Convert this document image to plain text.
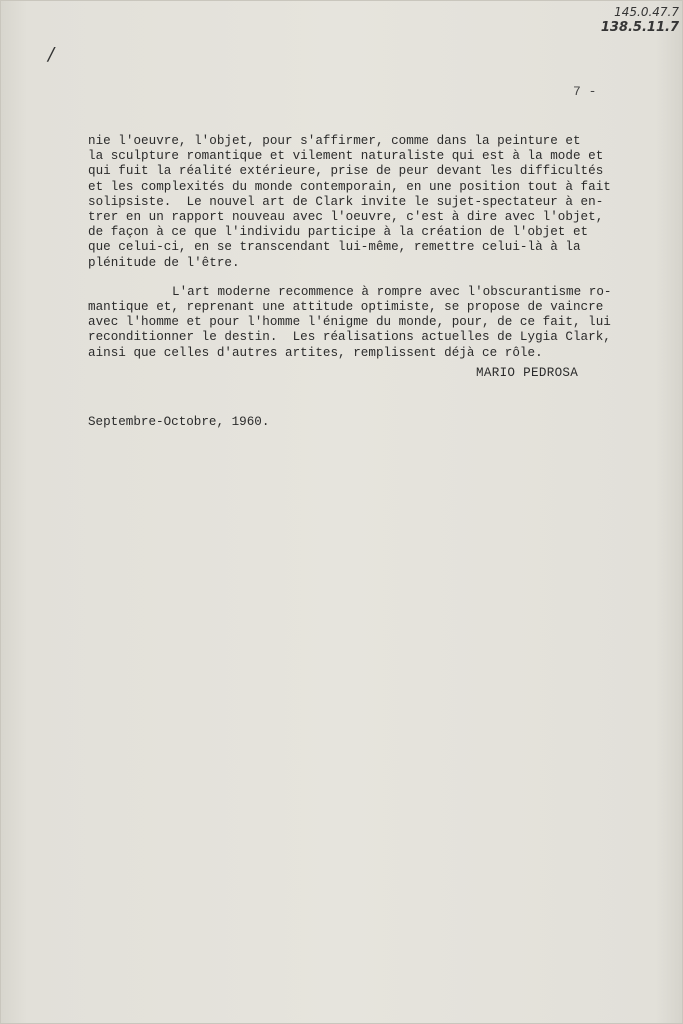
145.0.47.7
138.5.11.7
/
7 -
nie l'oeuvre, l'objet, pour s'affirmer, comme dans la peinture et
la sculpture romantique et vilement naturaliste qui est à la mode et
qui fuit la réalité extérieure, prise de peur devant les difficultés
et les complexités du monde contemporain, en une position tout à fait
solipsiste.  Le nouvel art de Clark invite le sujet-spectateur à en-
trer en un rapport nouveau avec l'oeuvre, c'est à dire avec l'objet,
de façon à ce que l'individu participe à la création de l'objet et
que celui-ci, en se transcendant lui-même, remettre celui-là à la
plénitude de l'être.
L'art moderne recommence à rompre avec l'obscurantisme ro-
mantique et, reprenant une attitude optimiste, se propose de vaincre
avec l'homme et pour l'homme l'énigme du monde, pour, de ce fait, lui
reconditionner le destin.  Les réalisations actuelles de Lygia Clark,
ainsi que celles d'autres artites, remplissent déjà ce rôle.
MARIO PEDROSA
Septembre-Octobre, 1960.
